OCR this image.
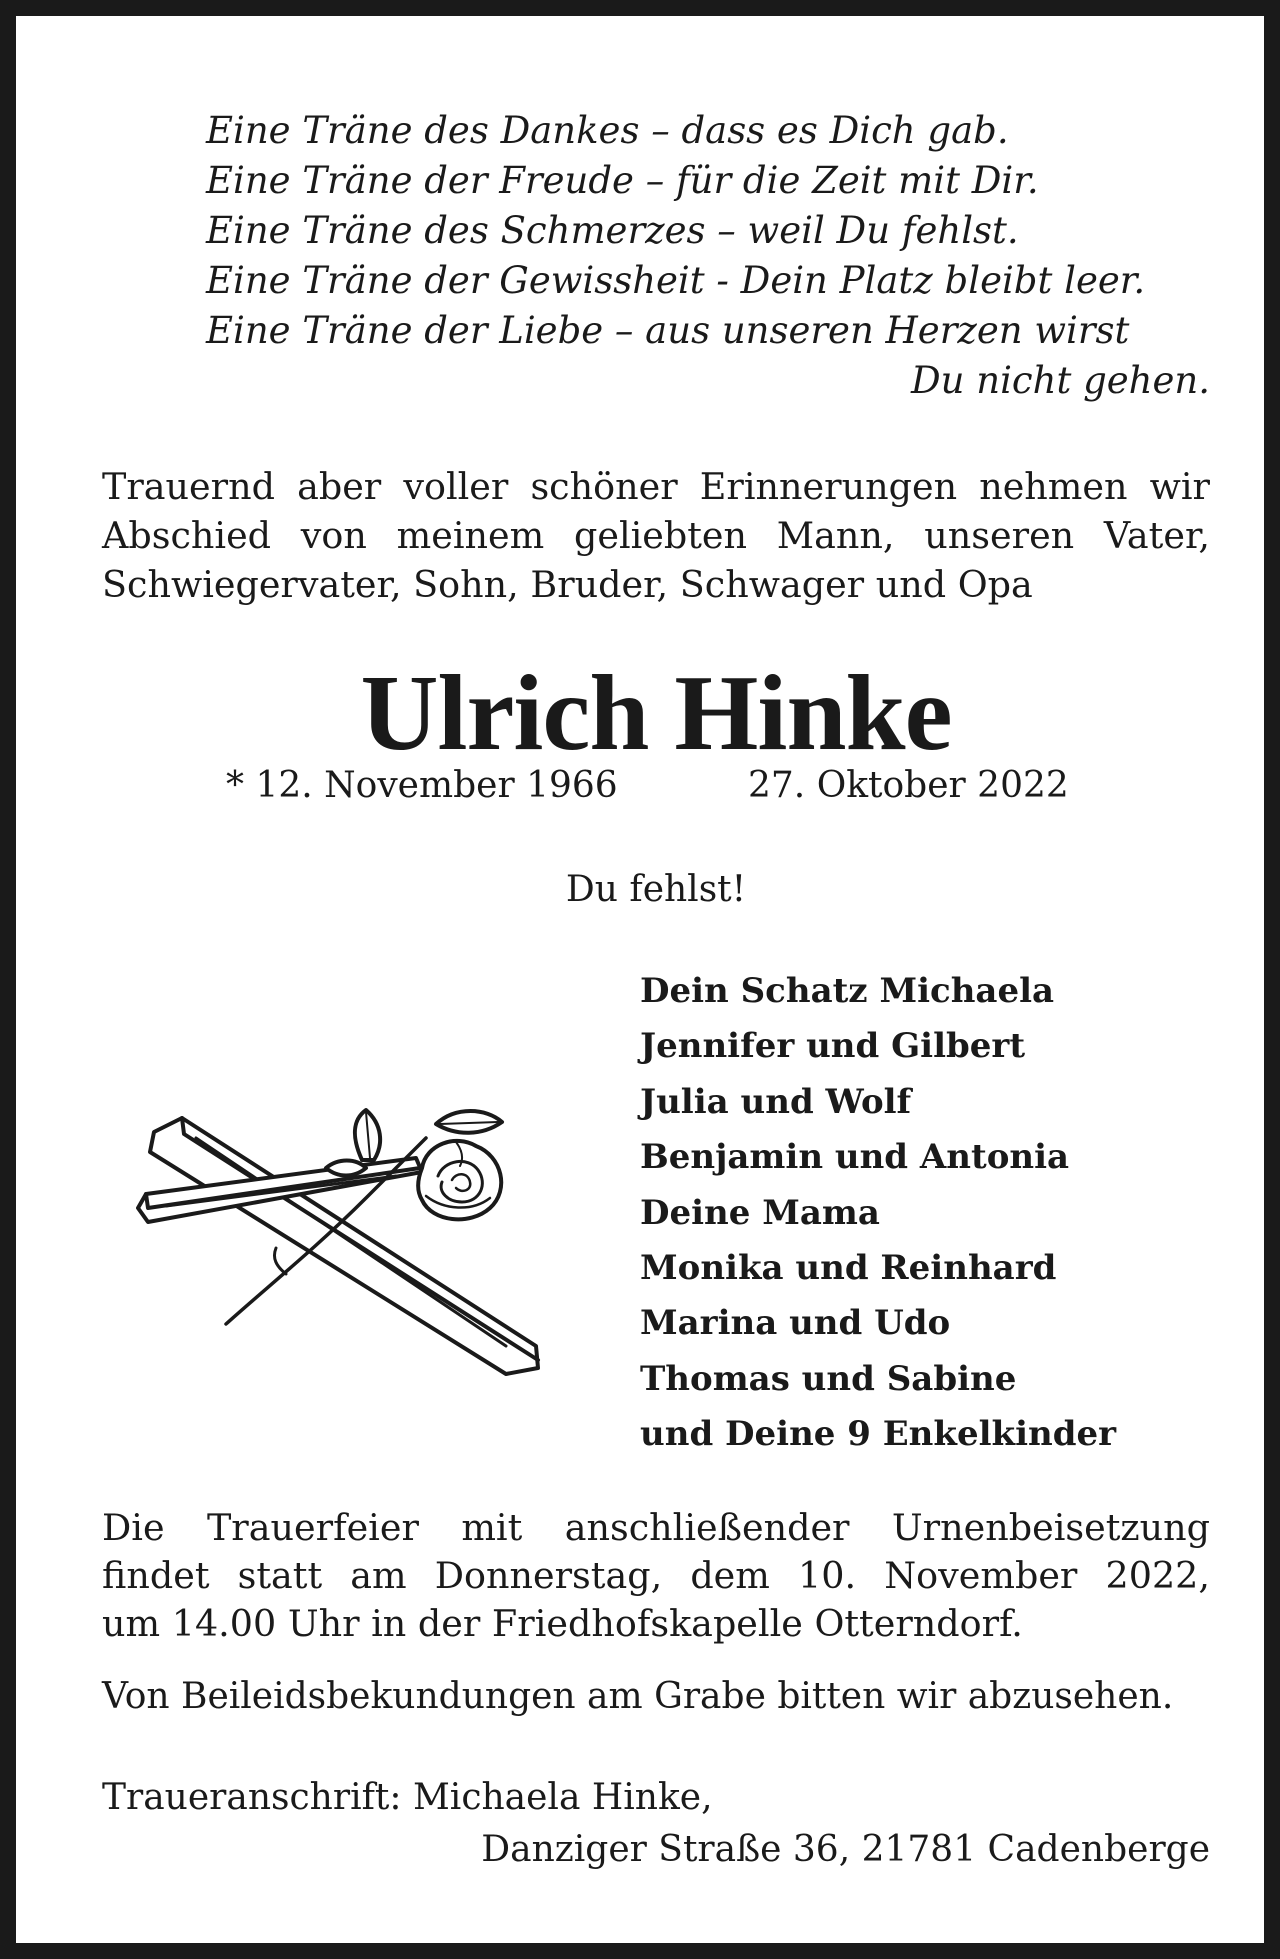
Eine Träne des Dankes – dass es Dich gab.
Eine Träne der Freude – für die Zeit mit Dir.
Eine Träne des Schmerzes – weil Du fehlst.
Eine Träne der Gewissheit - Dein Platz bleibt leer.
Eine Träne der Liebe – aus unseren Herzen wirst
Du nicht gehen.
Trauernd aber voller schöner Erinnerungen nehmen wir
Abschied von meinem geliebten Mann, unseren Vater,
Schwiegervater, Sohn, Bruder, Schwager und Opa
Ulrich Hinke
* 12. November 1966	27. Oktober 2022
Du fehlst!
Dein Schatz Michaela
Jennifer und Gilbert
Julia und Wolf
Benjamin und Antonia
Deine Mama
Monika und Reinhard
Marina und Udo
Thomas und Sabine
und Deine 9 Enkelkinder
Die Trauerfeier mit anschließender Urnenbeisetzung
findet statt am Donnerstag, dem 10. November 2022,
um 14.00 Uhr in der Friedhofskapelle Otterndorf.
Von Beileidsbekundungen am Grabe bitten wir abzusehen.
Traueranschrift: Michaela Hinke,
Danziger Straße 36, 21781 Cadenberge
